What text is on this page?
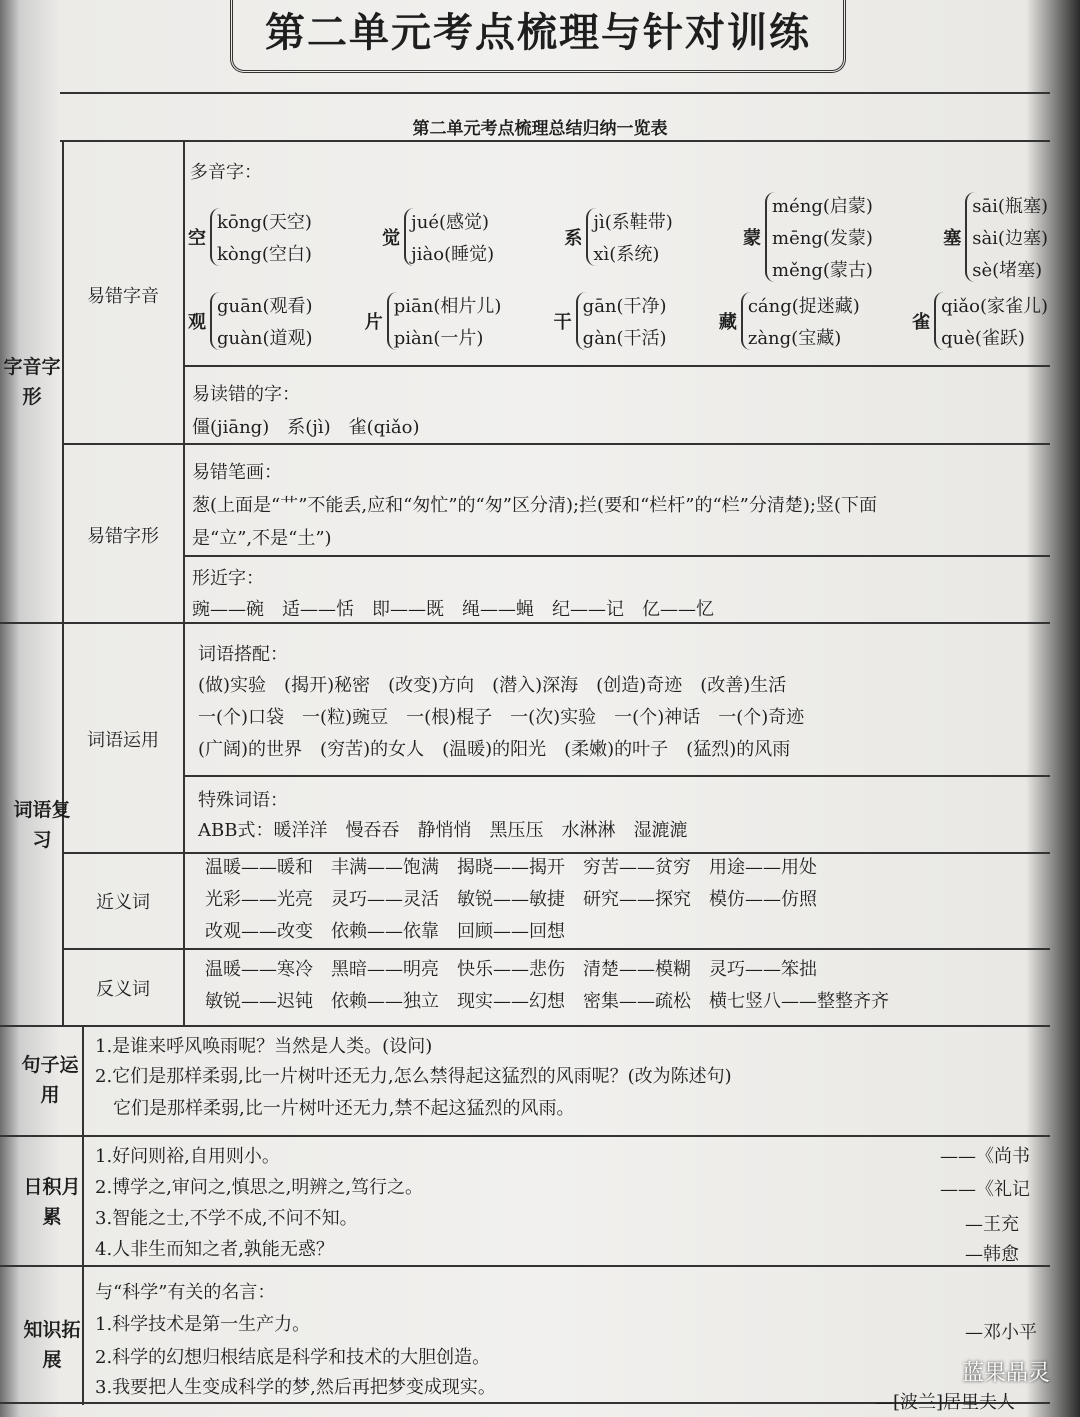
第二单元考点梳理与针对训练
第二单元考点梳理总结归纳一览表
字音字形
词语复习
句子运用
日积月累
知识拓展
易错字音
易错字形
词语运用
近义词
反义词
多音字：
空
kōng(天空)
kòng(空白)
觉
jué(感觉)
jiào(睡觉)
系
jì(系鞋带)
xì(系统)
蒙
méng(启蒙)
mēng(发蒙)
měng(蒙古)
塞
sāi(瓶塞)
sài(边塞)
sè(堵塞)
观
guān(观看)
guàn(道观)
片
piān(相片儿)
piàn(一片)
干
gān(干净)
gàn(干活)
藏
cáng(捉迷藏)
zàng(宝藏)
雀
qiǎo(家雀儿)
què(雀跃)
易读错的字：
僵(jiāng)　系(jì)　雀(qiǎo)
易错笔画：
葱(上面是“艹”不能丢,应和“匆忙”的“匆”区分清);拦(要和“栏杆”的“栏”分清楚);竖(下面
是“立”,不是“土”)
形近字：
豌——碗　适——恬　即——既　绳——蝇　纪——记　亿——忆
词语搭配：
(做)实验　(揭开)秘密　(改变)方向　(潜入)深海　(创造)奇迹　(改善)生活
一(个)口袋　一(粒)豌豆　一(根)棍子　一(次)实验　一(个)神话　一(个)奇迹
(广阔)的世界　(穷苦)的女人　(温暖)的阳光　(柔嫩)的叶子　(猛烈)的风雨
特殊词语：
ABB式：暖洋洋　慢吞吞　静悄悄　黑压压　水淋淋　湿漉漉
温暖——暖和　丰满——饱满　揭晓——揭开　穷苦——贫穷　用途——用处
光彩——光亮　灵巧——灵活　敏锐——敏捷　研究——探究　模仿——仿照
改观——改变　依赖——依靠　回顾——回想
温暖——寒冷　黑暗——明亮　快乐——悲伤　清楚——模糊　灵巧——笨拙
敏锐——迟钝　依赖——独立　现实——幻想　密集——疏松　横七竖八——整整齐齐
1.是谁来呼风唤雨呢？当然是人类。(设问)
2.它们是那样柔弱,比一片树叶还无力,怎么禁得起这猛烈的风雨呢？(改为陈述句)
　它们是那样柔弱,比一片树叶还无力,禁不起这猛烈的风雨。
1.好问则裕,自用则小。
2.博学之,审问之,慎思之,明辨之,笃行之。
3.智能之士,不学不成,不问不知。
4.人非生而知之者,孰能无惑？
——《尚书
——《礼记
—王充
—韩愈
与“科学”有关的名言：
1.科学技术是第一生产力。
2.科学的幻想归根结底是科学和技术的大胆创造。
3.我要把人生变成科学的梦,然后再把梦变成现实。
—邓小平
—[波兰]居里夫人
蓝果晶灵
